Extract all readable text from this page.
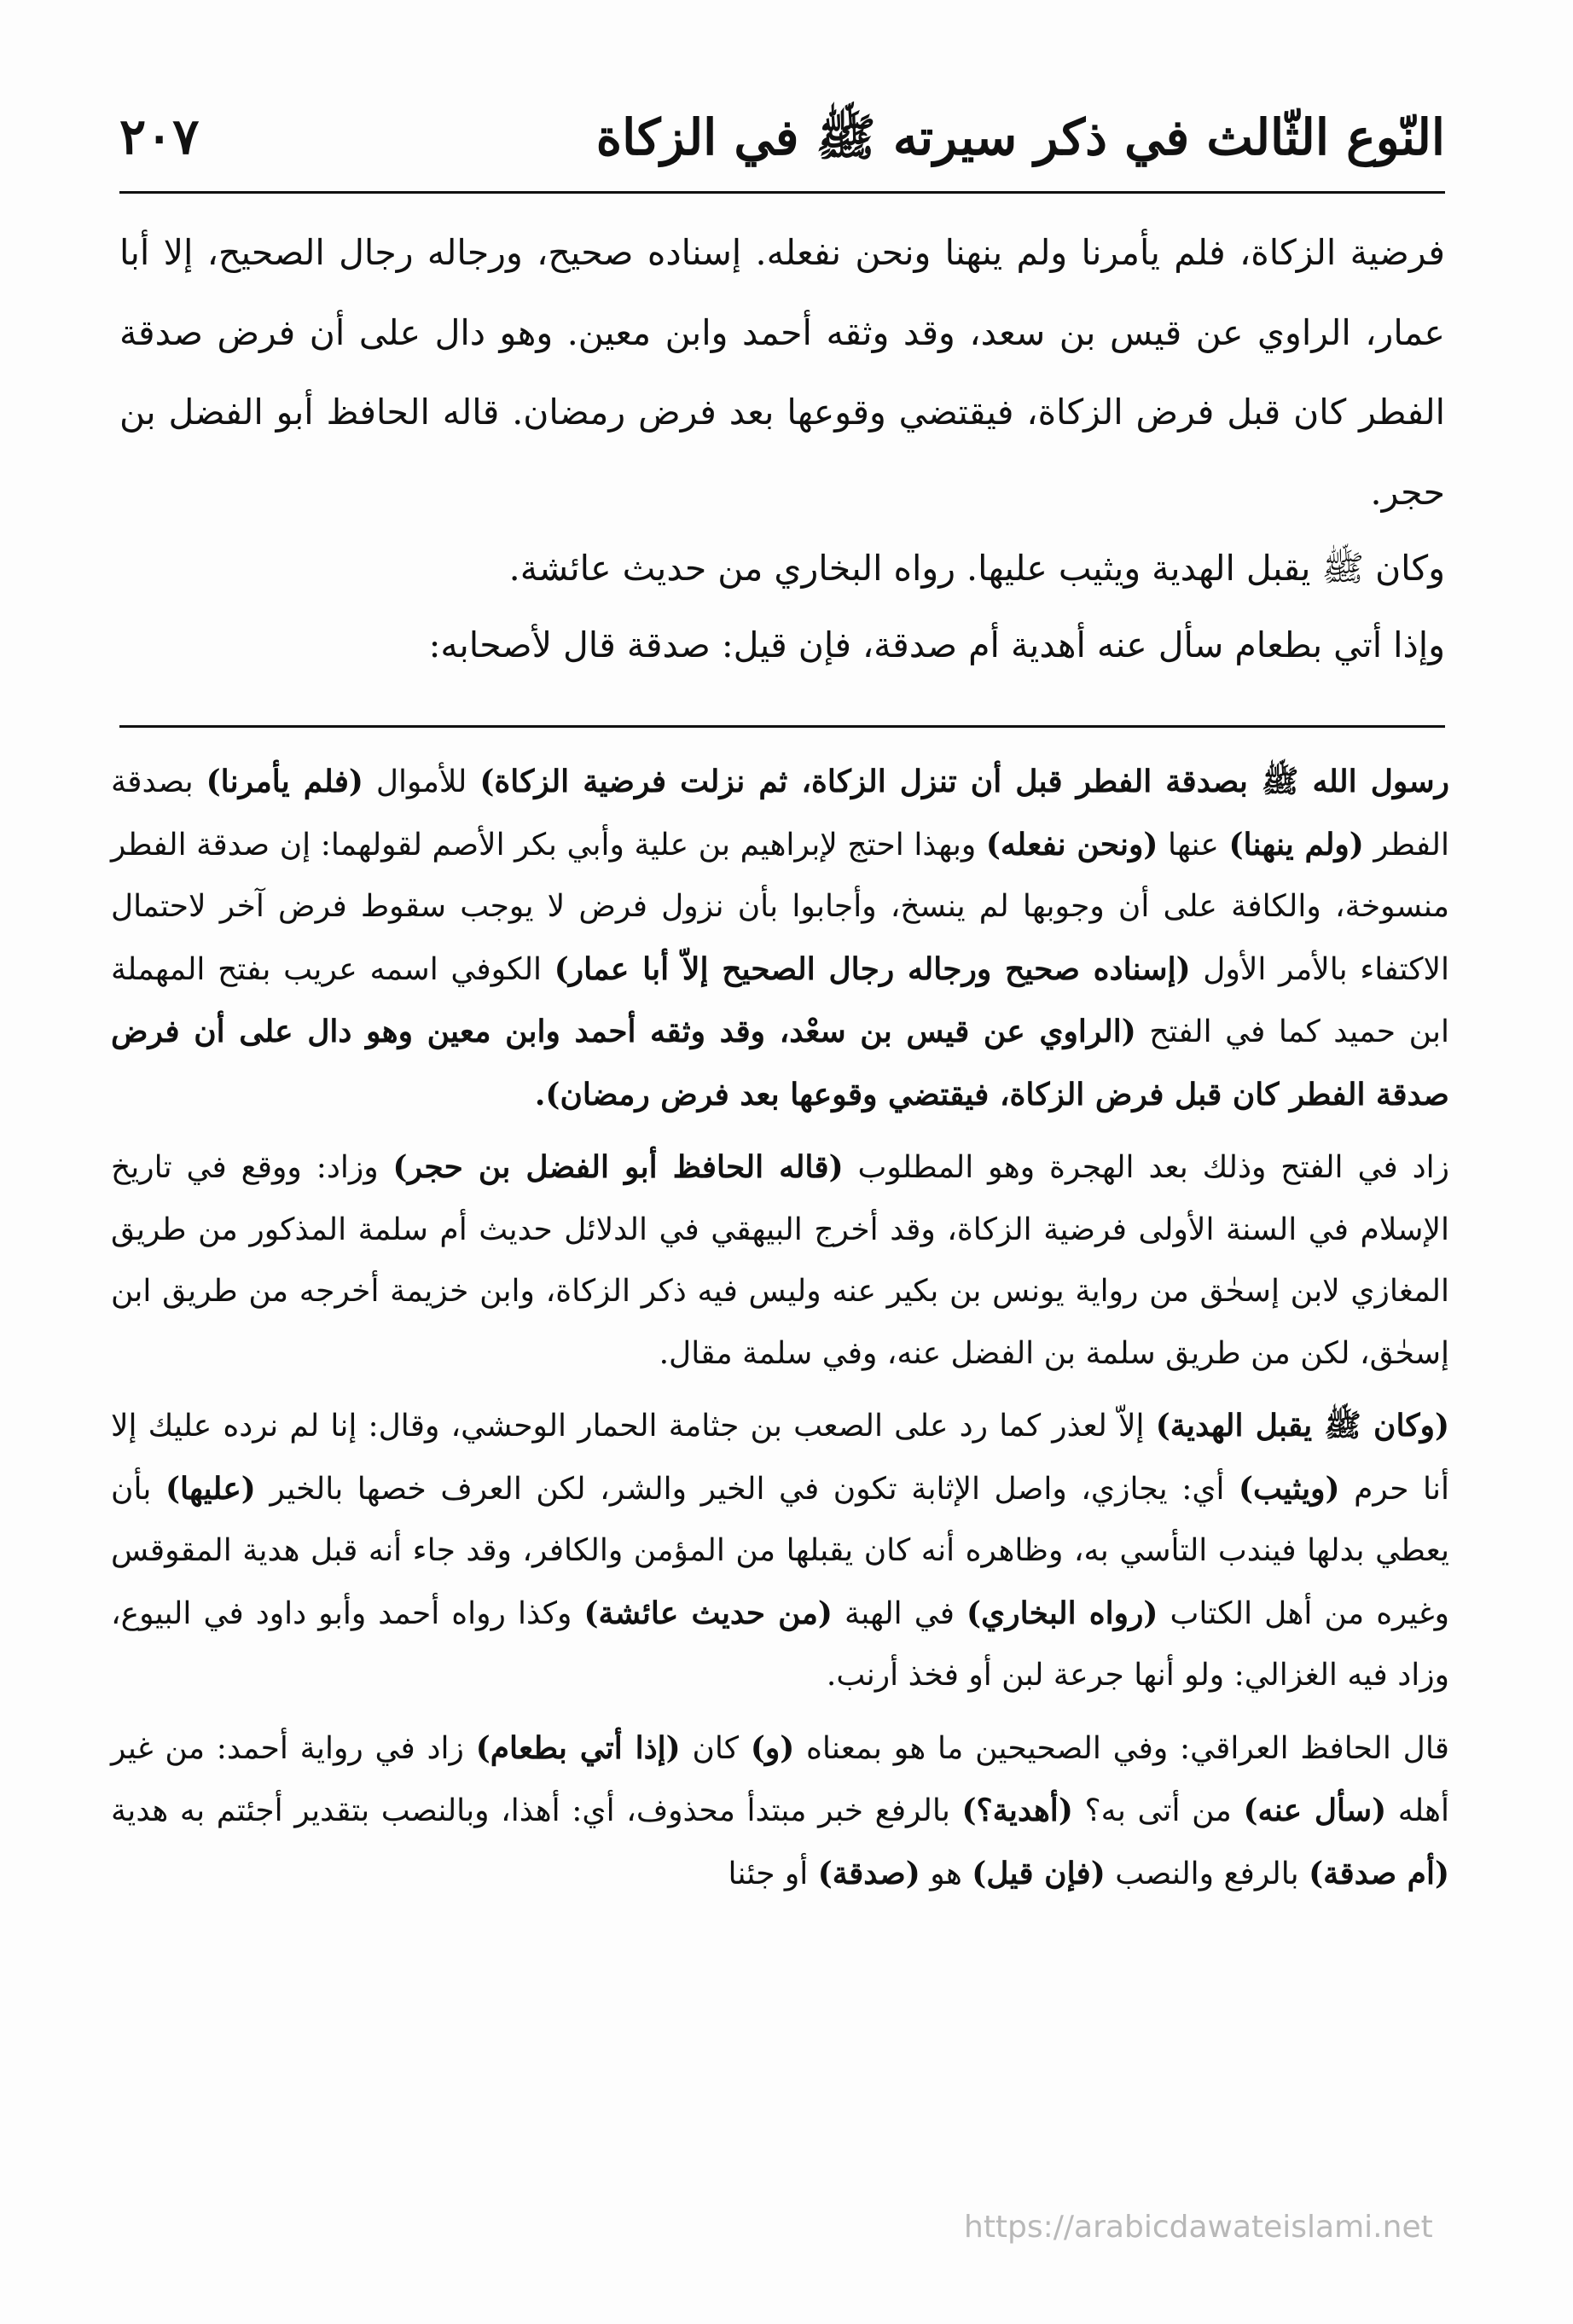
النّوع الثّالث في ذكر سيرته ﷺ في الزكاة
٢٠٧

فرضية الزكاة، فلم يأمرنا ولم ينهنا ونحن نفعله. إسناده صحيح، ورجاله رجال الصحيح، إلا أبا عمار، الراوي عن قيس بن سعد، وقد وثقه أحمد وابن معين. وهو دال على أن فرض صدقة الفطر كان قبل فرض الزكاة، فيقتضي وقوعها بعد فرض رمضان. قاله الحافظ أبو الفضل بن حجر.

وكان ﷺ يقبل الهدية ويثيب عليها. رواه البخاري من حديث عائشة.

وإذا أتي بطعام سأل عنه أهدية أم صدقة، فإن قيل: صدقة قال لأصحابه:

رسول الله ﷺ بصدقة الفطر قبل أن تنزل الزكاة، ثم نزلت فرضية الزكاة) للأموال (فلم يأمرنا) بصدقة الفطر (ولم ينهنا) عنها (ونحن نفعله) وبهذا احتج لإبراهيم بن علية وأبي بكر الأصم لقولهما: إن صدقة الفطر منسوخة، والكافة على أن وجوبها لم ينسخ، وأجابوا بأن نزول فرض لا يوجب سقوط فرض آخر لاحتمال الاكتفاء بالأمر الأول (إسناده صحيح ورجاله رجال الصحيح إلاّ أبا عمار) الكوفي اسمه عريب بفتح المهملة ابن حميد كما في الفتح (الراوي عن قيس بن سعْد، وقد وثقه أحمد وابن معين وهو دال على أن فرض صدقة الفطر كان قبل فرض الزكاة، فيقتضي وقوعها بعد فرض رمضان).

زاد في الفتح وذلك بعد الهجرة وهو المطلوب (قاله الحافظ أبو الفضل بن حجر) وزاد: ووقع في تاريخ الإسلام في السنة الأولى فرضية الزكاة، وقد أخرج البيهقي في الدلائل حديث أم سلمة المذكور من طريق المغازي لابن إسحٰق من رواية يونس بن بكير عنه وليس فيه ذكر الزكاة، وابن خزيمة أخرجه من طريق ابن إسحٰق، لكن من طريق سلمة بن الفضل عنه، وفي سلمة مقال.

(وكان ﷺ يقبل الهدية) إلاّ لعذر كما رد على الصعب بن جثامة الحمار الوحشي، وقال: إنا لم نرده عليك إلا أنا حرم (ويثيب) أي: يجازي، واصل الإثابة تكون في الخير والشر، لكن العرف خصها بالخير (عليها) بأن يعطي بدلها فيندب التأسي به، وظاهره أنه كان يقبلها من المؤمن والكافر، وقد جاء أنه قبل هدية المقوقس وغيره من أهل الكتاب (رواه البخاري) في الهبة (من حديث عائشة) وكذا رواه أحمد وأبو داود في البيوع، وزاد فيه الغزالي: ولو أنها جرعة لبن أو فخذ أرنب.

قال الحافظ العراقي: وفي الصحيحين ما هو بمعناه (و) كان (إذا أتي بطعام) زاد في رواية أحمد: من غير أهله (سأل عنه) من أتى به؟ (أهدية؟) بالرفع خبر مبتدأ محذوف، أي: أهذا، وبالنصب بتقدير أجئتم به هدية (أم صدقة) بالرفع والنصب (فإن قيل) هو (صدقة) أو جئنا

https://arabicdawateislami.net
